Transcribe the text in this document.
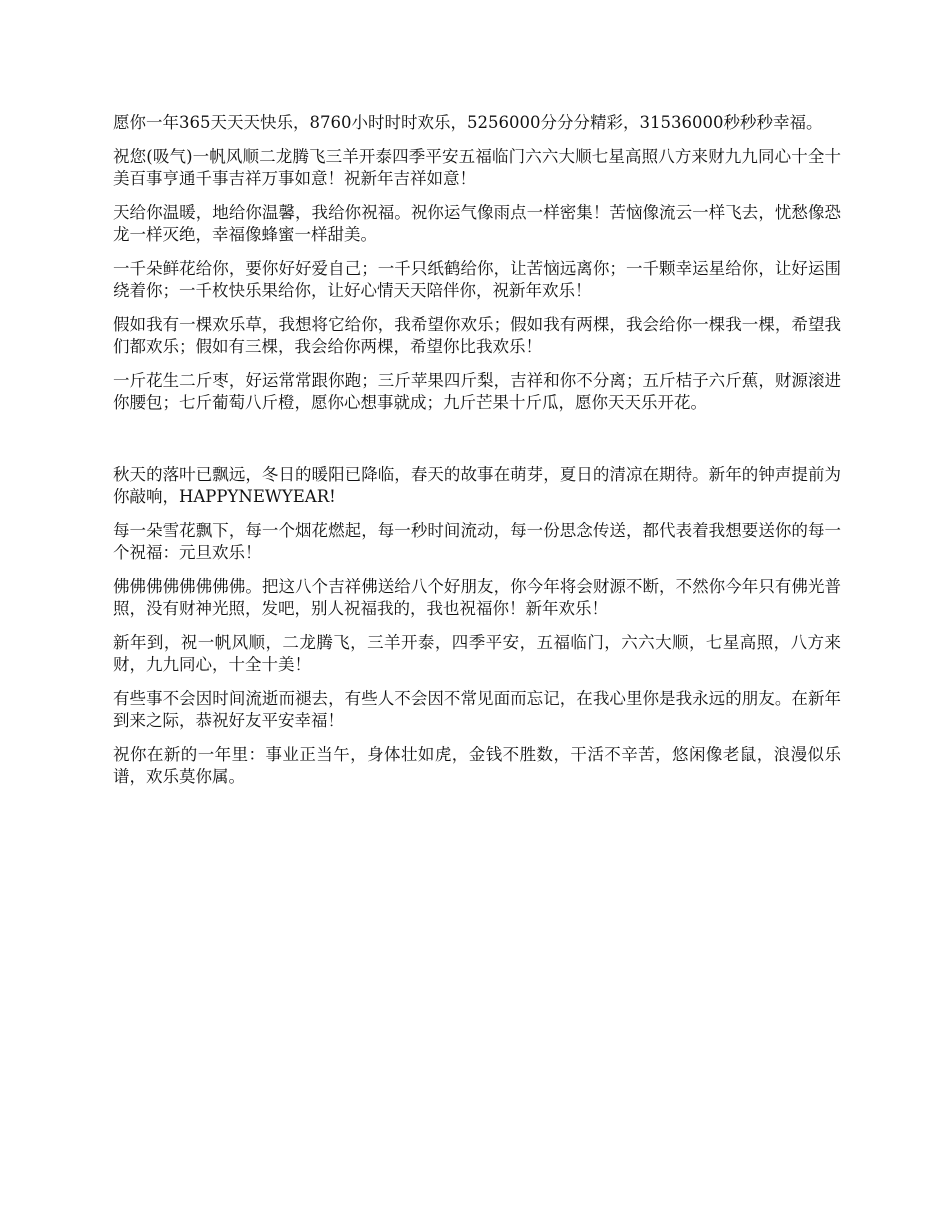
愿你一年365天天天快乐，8760小时时时欢乐，5256000分分分精彩，31536000秒秒秒幸福。

祝您(吸气)一帆风顺二龙腾飞三羊开泰四季平安五福临门六六大顺七星高照八方来财九九同心十全十美百事亨通千事吉祥万事如意！祝新年吉祥如意！

天给你温暖，地给你温馨，我给你祝福。祝你运气像雨点一样密集！苦恼像流云一样飞去，忧愁像恐龙一样灭绝，幸福像蜂蜜一样甜美。

一千朵鲜花给你，要你好好爱自己；一千只纸鹤给你，让苦恼远离你；一千颗幸运星给你，让好运围绕着你；一千枚快乐果给你，让好心情天天陪伴你，祝新年欢乐！

假如我有一棵欢乐草，我想将它给你，我希望你欢乐；假如我有两棵，我会给你一棵我一棵，希望我们都欢乐；假如有三棵，我会给你两棵，希望你比我欢乐！

一斤花生二斤枣，好运常常跟你跑；三斤苹果四斤梨，吉祥和你不分离；五斤桔子六斤蕉，财源滚进你腰包；七斤葡萄八斤橙，愿你心想事就成；九斤芒果十斤瓜，愿你天天乐开花。

秋天的落叶已飘远，冬日的暖阳已降临，春天的故事在萌芽，夏日的清凉在期待。新年的钟声提前为你敲响，HAPPYNEWYEAR!

每一朵雪花飘下，每一个烟花燃起，每一秒时间流动，每一份思念传送，都代表着我想要送你的每一个祝福：元旦欢乐！

佛佛佛佛佛佛佛佛。把这八个吉祥佛送给八个好朋友，你今年将会财源不断，不然你今年只有佛光普照，没有财神光照，发吧，别人祝福我的，我也祝福你！新年欢乐！

新年到，祝一帆风顺，二龙腾飞，三羊开泰，四季平安，五福临门，六六大顺，七星高照，八方来财，九九同心，十全十美！

有些事不会因时间流逝而褪去，有些人不会因不常见面而忘记，在我心里你是我永远的朋友。在新年到来之际，恭祝好友平安幸福！

祝你在新的一年里：事业正当午，身体壮如虎，金钱不胜数，干活不辛苦，悠闲像老鼠，浪漫似乐谱，欢乐莫你属。
